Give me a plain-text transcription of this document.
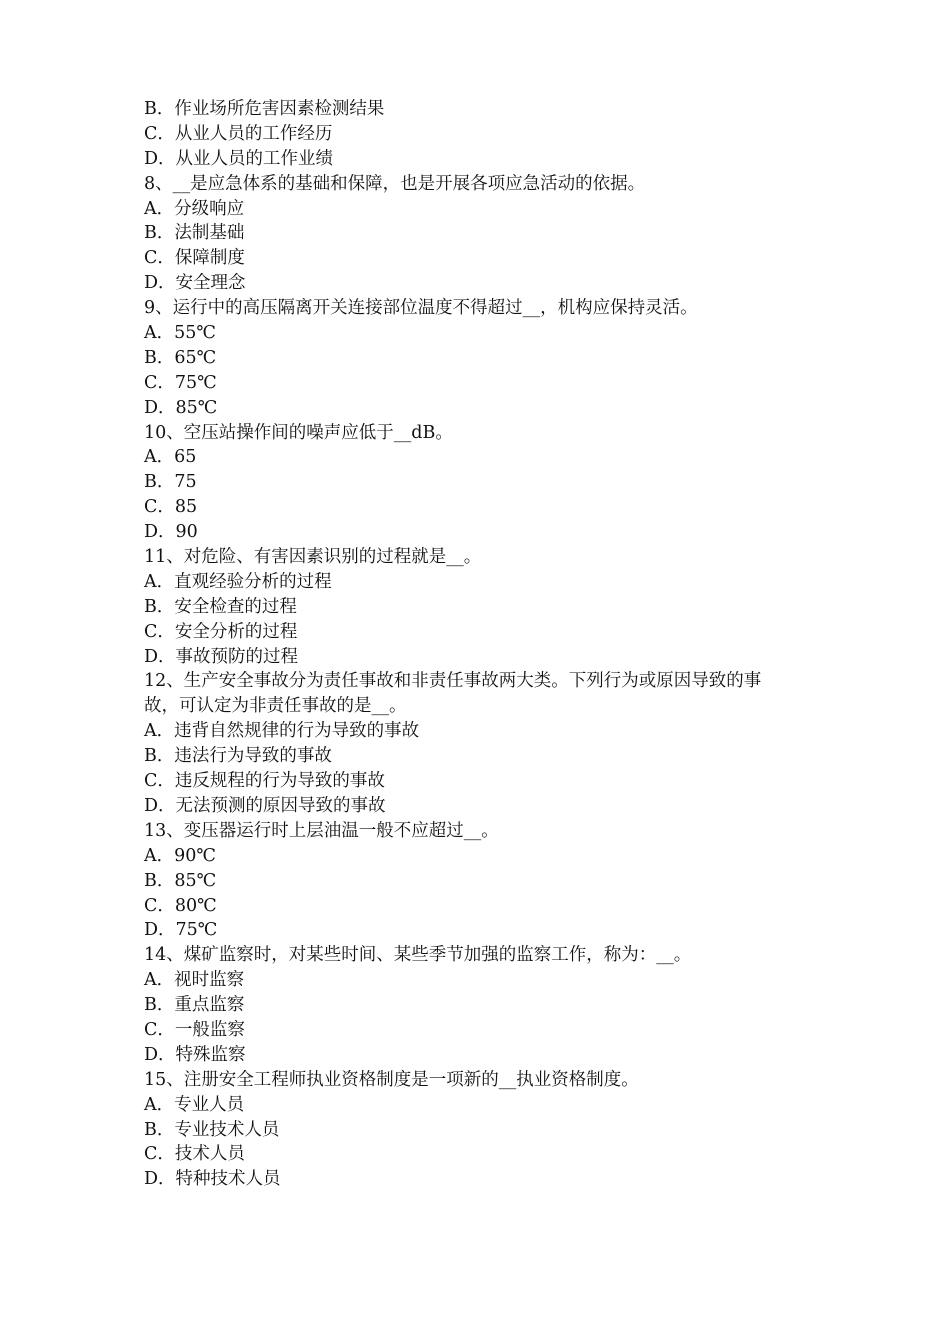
B．作业场所危害因素检测结果
C．从业人员的工作经历
D．从业人员的工作业绩
8、__是应急体系的基础和保障，也是开展各项应急活动的依据。
A．分级响应
B．法制基础
C．保障制度
D．安全理念
9、运行中的高压隔离开关连接部位温度不得超过__，机构应保持灵活。
A．55℃
B．65℃
C．75℃
D．85℃
10、空压站操作间的噪声应低于__dB。
A．65
B．75
C．85
D．90
11、对危险、有害因素识别的过程就是__。
A．直观经验分析的过程
B．安全检查的过程
C．安全分析的过程
D．事故预防的过程
12、生产安全事故分为责任事故和非责任事故两大类。下列行为或原因导致的事
故，可认定为非责任事故的是__。
A．违背自然规律的行为导致的事故
B．违法行为导致的事故
C．违反规程的行为导致的事故
D．无法预测的原因导致的事故
13、变压器运行时上层油温一般不应超过__。
A．90℃
B．85℃
C．80℃
D．75℃
14、煤矿监察时，对某些时间、某些季节加强的监察工作，称为：__。
A．视时监察
B．重点监察
C．一般监察
D．特殊监察
15、注册安全工程师执业资格制度是一项新的__执业资格制度。
A．专业人员
B．专业技术人员
C．技术人员
D．特种技术人员
